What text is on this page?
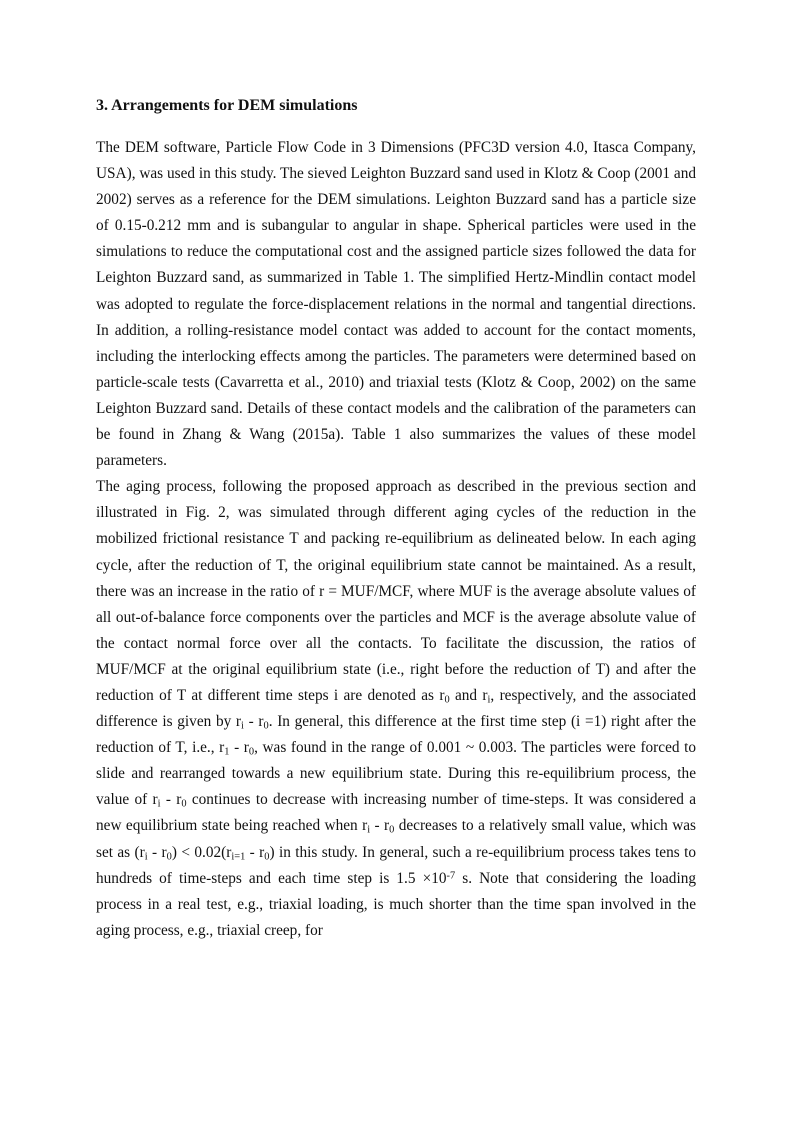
3. Arrangements for DEM simulations

The DEM software, Particle Flow Code in 3 Dimensions (PFC3D version 4.0, Itasca Company, USA), was used in this study. The sieved Leighton Buzzard sand used in Klotz & Coop (2001 and 2002) serves as a reference for the DEM simulations. Leighton Buzzard sand has a particle size of 0.15-0.212 mm and is subangular to angular in shape. Spherical particles were used in the simulations to reduce the computational cost and the assigned particle sizes followed the data for Leighton Buzzard sand, as summarized in Table 1. The simplified Hertz-Mindlin contact model was adopted to regulate the force-displacement relations in the normal and tangential directions. In addition, a rolling-resistance model contact was added to account for the contact moments, including the interlocking effects among the particles. The parameters were determined based on particle-scale tests (Cavarretta et al., 2010) and triaxial tests (Klotz & Coop, 2002) on the same Leighton Buzzard sand. Details of these contact models and the calibration of the parameters can be found in Zhang & Wang (2015a). Table 1 also summarizes the values of these model parameters.

The aging process, following the proposed approach as described in the previous section and illustrated in Fig. 2, was simulated through different aging cycles of the reduction in the mobilized frictional resistance T and packing re-equilibrium as delineated below. In each aging cycle, after the reduction of T, the original equilibrium state cannot be maintained. As a result, there was an increase in the ratio of r = MUF/MCF, where MUF is the average absolute values of all out-of-balance force components over the particles and MCF is the average absolute value of the contact normal force over all the contacts. To facilitate the discussion, the ratios of MUF/MCF at the original equilibrium state (i.e., right before the reduction of T) and after the reduction of T at different time steps i are denoted as $r_0$ and $r_i$, respectively, and the associated difference is given by $r_i - r_0$. In general, this difference at the first time step (i =1) right after the reduction of T, i.e., $r_1 - r_0$, was found in the range of 0.001 ~ 0.003. The particles were forced to slide and rearranged towards a new equilibrium state. During this re-equilibrium process, the value of $r_i - r_0$ continues to decrease with increasing number of time-steps. It was considered a new equilibrium state being reached when $r_i - r_0$ decreases to a relatively small value, which was set as $(r_i - r_0) < 0.02(r_{i=1} - r_0)$ in this study. In general, such a re-equilibrium process takes tens to hundreds of time-steps and each time step is $1.5 \times 10^{-7}$ s. Note that considering the loading process in a real test, e.g., triaxial loading, is much shorter than the time span involved in the aging process, e.g., triaxial creep, for
